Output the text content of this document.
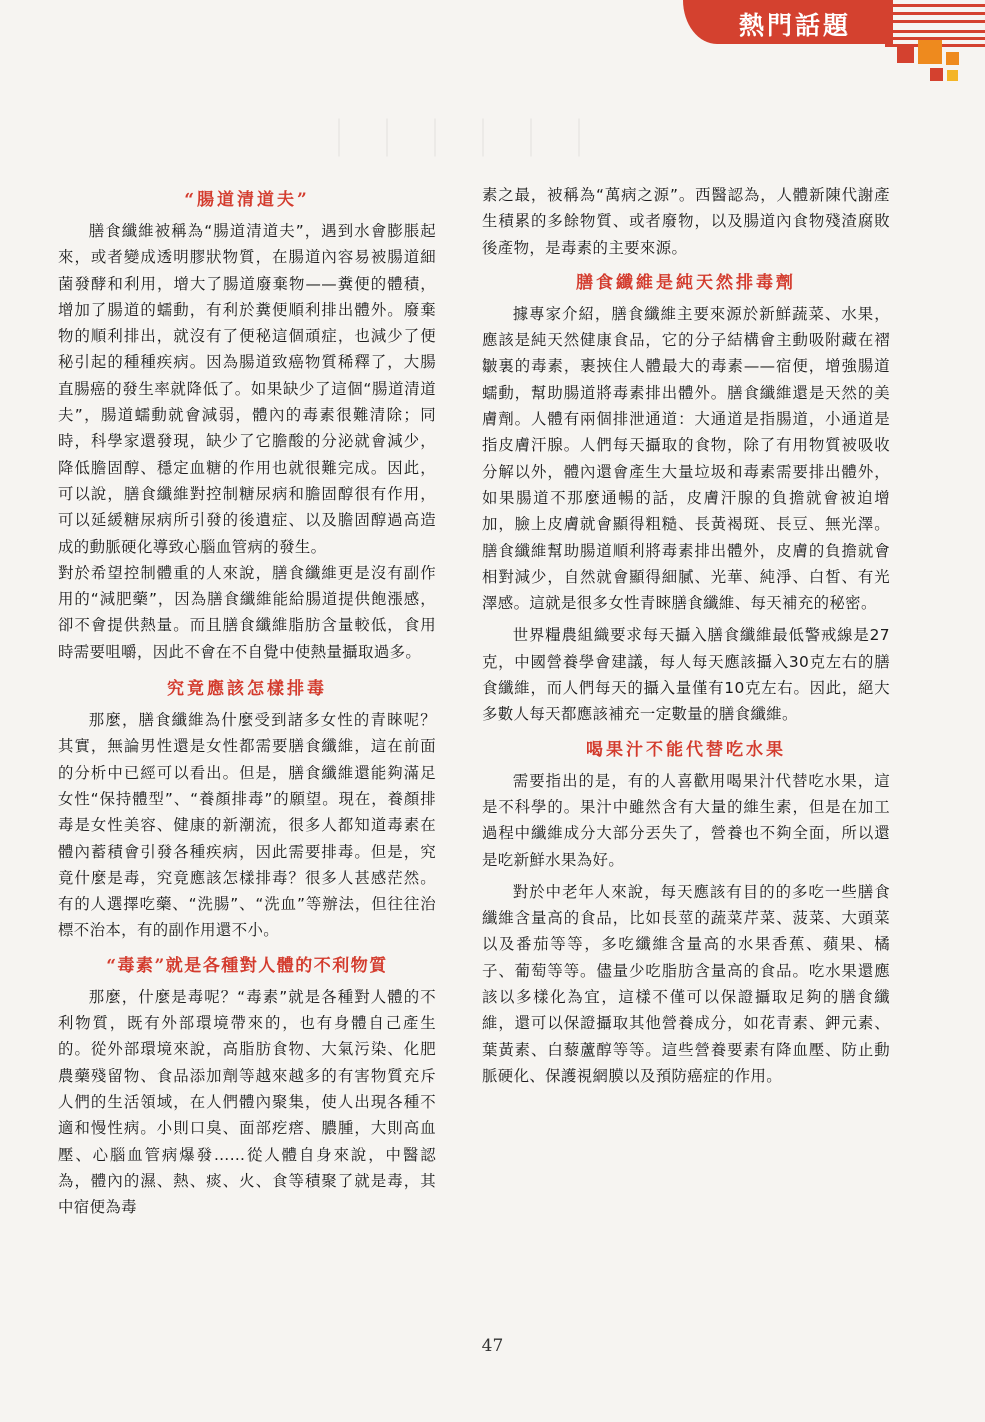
熱門話題
｜｜｜｜｜｜
“腸道清道夫”

膳食纖維被稱為“腸道清道夫”，遇到水會膨脹起來，或者變成透明膠狀物質，在腸道內容易被腸道細菌發酵和利用，增大了腸道廢棄物——糞便的體積，增加了腸道的蠕動，有利於糞便順利排出體外。廢棄物的順利排出，就沒有了便秘這個頑症，也減少了便秘引起的種種疾病。因為腸道致癌物質稀釋了，大腸直腸癌的發生率就降低了。如果缺少了這個“腸道清道夫”，腸道蠕動就會減弱，體內的毒素很難清除；同時，科學家還發現，缺少了它膽酸的分泌就會減少，降低膽固醇、穩定血糖的作用也就很難完成。因此，可以說，膳食纖維對控制糖尿病和膽固醇很有作用，可以延緩糖尿病所引發的後遺症、以及膽固醇過高造成的動脈硬化導致心腦血管病的發生。

對於希望控制體重的人來說，膳食纖維更是沒有副作用的“減肥藥”，因為膳食纖維能給腸道提供飽漲感，卻不會提供熱量。而且膳食纖維脂肪含量較低，食用時需要咀嚼，因此不會在不自覺中使熱量攝取過多。

究竟應該怎樣排毒

那麼，膳食纖維為什麼受到諸多女性的青睞呢？其實，無論男性還是女性都需要膳食纖維，這在前面的分析中已經可以看出。但是，膳食纖維還能夠滿足女性“保持體型”、“養顏排毒”的願望。現在，養顏排毒是女性美容、健康的新潮流，很多人都知道毒素在體內蓄積會引發各種疾病，因此需要排毒。但是，究竟什麼是毒，究竟應該怎樣排毒？很多人甚感茫然。有的人選擇吃藥、“洗腸”、“洗血”等辦法，但往往治標不治本，有的副作用還不小。

“毒素”就是各種對人體的不利物質

那麼，什麼是毒呢？“毒素”就是各種對人體的不利物質，既有外部環境帶來的，也有身體自己產生的。從外部環境來說，高脂肪食物、大氣污染、化肥農藥殘留物、食品添加劑等越來越多的有害物質充斥人們的生活領域，在人們體內聚集，使人出現各種不適和慢性病。小則口臭、面部疙瘩、膿腫，大則高血壓、心腦血管病爆發……從人體自身來說，中醫認為，體內的濕、熱、痰、火、食等積聚了就是毒，其中宿便為毒

素之最，被稱為“萬病之源”。西醫認為，人體新陳代謝產生積累的多餘物質、或者廢物，以及腸道內食物殘渣腐敗後產物，是毒素的主要來源。

膳食纖維是純天然排毒劑

據專家介紹，膳食纖維主要來源於新鮮蔬菜、水果，應該是純天然健康食品，它的分子結構會主動吸附藏在褶皺裏的毒素，裹挾住人體最大的毒素——宿便，增強腸道蠕動，幫助腸道將毒素排出體外。膳食纖維還是天然的美膚劑。人體有兩個排泄通道：大通道是指腸道，小通道是指皮膚汗腺。人們每天攝取的食物，除了有用物質被吸收分解以外，體內還會產生大量垃圾和毒素需要排出體外，如果腸道不那麼通暢的話，皮膚汗腺的負擔就會被迫增加，臉上皮膚就會顯得粗糙、長黃褐斑、長豆、無光澤。膳食纖維幫助腸道順利將毒素排出體外，皮膚的負擔就會相對減少，自然就會顯得細膩、光華、純淨、白皙、有光澤感。這就是很多女性青睞膳食纖維、每天補充的秘密。

世界糧農組織要求每天攝入膳食纖維最低警戒線是27克，中國營養學會建議，每人每天應該攝入30克左右的膳食纖維，而人們每天的攝入量僅有10克左右。因此，絕大多數人每天都應該補充一定數量的膳食纖維。

喝果汁不能代替吃水果

需要指出的是，有的人喜歡用喝果汁代替吃水果，這是不科學的。果汁中雖然含有大量的維生素，但是在加工過程中纖維成分大部分丟失了，營養也不夠全面，所以還是吃新鮮水果為好。

對於中老年人來說，每天應該有目的的多吃一些膳食纖維含量高的食品，比如長莖的蔬菜芹菜、菠菜、大頭菜以及番茄等等，多吃纖維含量高的水果香蕉、蘋果、橘子、葡萄等等。儘量少吃脂肪含量高的食品。吃水果還應該以多樣化為宜，這樣不僅可以保證攝取足夠的膳食纖維，還可以保證攝取其他營養成分，如花青素、鉀元素、葉黃素、白藜蘆醇等等。這些營養要素有降血壓、防止動脈硬化、保護視網膜以及預防癌症的作用。

47
